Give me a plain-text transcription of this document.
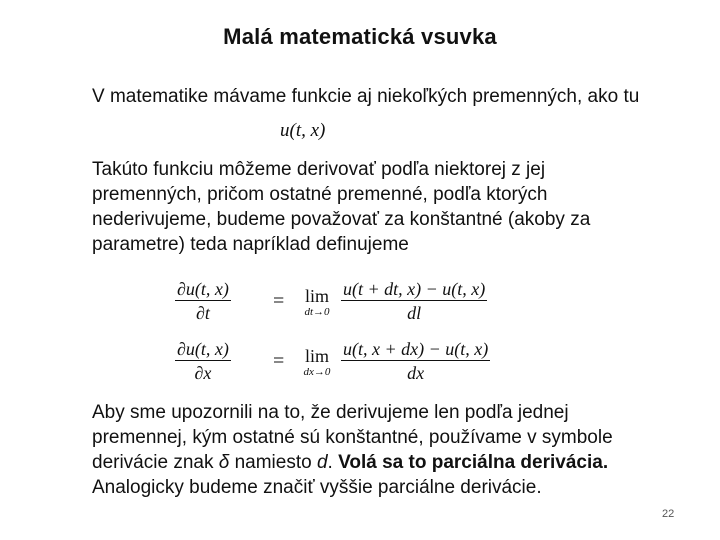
Malá matematická vsuvka
V matematike mávame funkcie aj niekoľkých premenných, ako tu
u(t, x)
Takúto funkciu môžeme derivovať podľa niektorej z jej premenných, pričom ostatné premenné, podľa ktorých nederivujeme, budeme považovať za konštantné (akoby za parametre) teda napríklad definujeme
$\frac{\partial u(t, x)}{\partial t}$ =	lim
$dt\to 0 \frac{u(t + dt, x) - u(t, x)}{dl}$
$\frac{\partial u(t, x)}{\partial x}$ =	lim
$dx\to 0 \frac{u(t, x + dx) - u(t, x)}{dx}$
Aby sme upozornili na to, že derivujeme len podľa jednej premennej, kým ostatné sú konštantné, používame v symbole derivácie znak δ namiesto d. Volá sa to parciálna derivácia. Analogicky budeme značiť vyššie parciálne derivácie.
22
